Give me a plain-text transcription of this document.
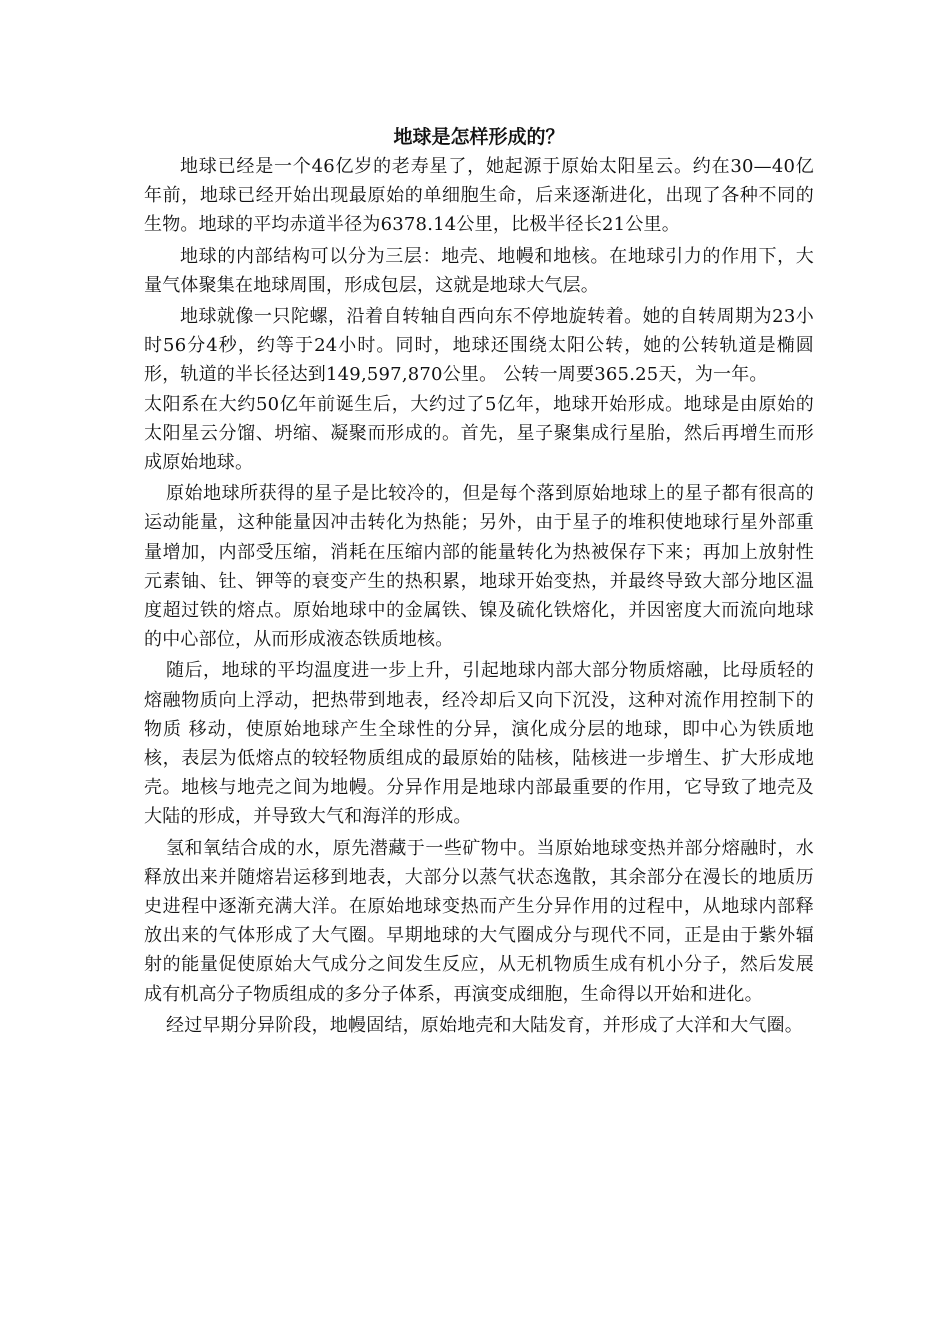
地球是怎样形成的？

地球已经是一个46亿岁的老寿星了，她起源于原始太阳星云。约在30—40亿年前，地球已经开始出现最原始的单细胞生命，后来逐渐进化，出现了各种不同的生物。地球的平均赤道半径为6378.14公里，比极半径长21公里。

地球的内部结构可以分为三层：地壳、地幔和地核。在地球引力的作用下，大量气体聚集在地球周围，形成包层，这就是地球大气层。

地球就像一只陀螺，沿着自转轴自西向东不停地旋转着。她的自转周期为23小时56分4秒，约等于24小时。同时，地球还围绕太阳公转，她的公转轨道是椭圆形，轨道的半长径达到149,597,870公里。 公转一周要365.25天，为一年。

太阳系在大约50亿年前诞生后，大约过了5亿年，地球开始形成。地球是由原始的太阳星云分馏、坍缩、凝聚而形成的。首先，星子聚集成行星胎，然后再增生而形成原始地球。

原始地球所获得的星子是比较冷的，但是每个落到原始地球上的星子都有很高的运动能量，这种能量因冲击转化为热能；另外，由于星子的堆积使地球行星外部重量增加，内部受压缩，消耗在压缩内部的能量转化为热被保存下来；再加上放射性元素铀、钍、钾等的衰变产生的热积累，地球开始变热，并最终导致大部分地区温度超过铁的熔点。原始地球中的金属铁、镍及硫化铁熔化，并因密度大而流向地球的中心部位，从而形成液态铁质地核。

随后，地球的平均温度进一步上升，引起地球内部大部分物质熔融，比母质轻的熔融物质向上浮动，把热带到地表，经冷却后又向下沉没，这种对流作用控制下的物质 移动，使原始地球产生全球性的分异，演化成分层的地球，即中心为铁质地核，表层为低熔点的较轻物质组成的最原始的陆核，陆核进一步增生、扩大形成地壳。地核与地壳之间为地幔。分异作用是地球内部最重要的作用，它导致了地壳及大陆的形成，并导致大气和海洋的形成。

氢和氧结合成的水，原先潜藏于一些矿物中。当原始地球变热并部分熔融时，水释放出来并随熔岩运移到地表，大部分以蒸气状态逸散，其余部分在漫长的地质历史进程中逐渐充满大洋。在原始地球变热而产生分异作用的过程中，从地球内部释放出来的气体形成了大气圈。早期地球的大气圈成分与现代不同，正是由于紫外辐射的能量促使原始大气成分之间发生反应，从无机物质生成有机小分子，然后发展成有机高分子物质组成的多分子体系，再演变成细胞，生命得以开始和进化。

经过早期分异阶段，地幔固结，原始地壳和大陆发育，并形成了大洋和大气圈。
